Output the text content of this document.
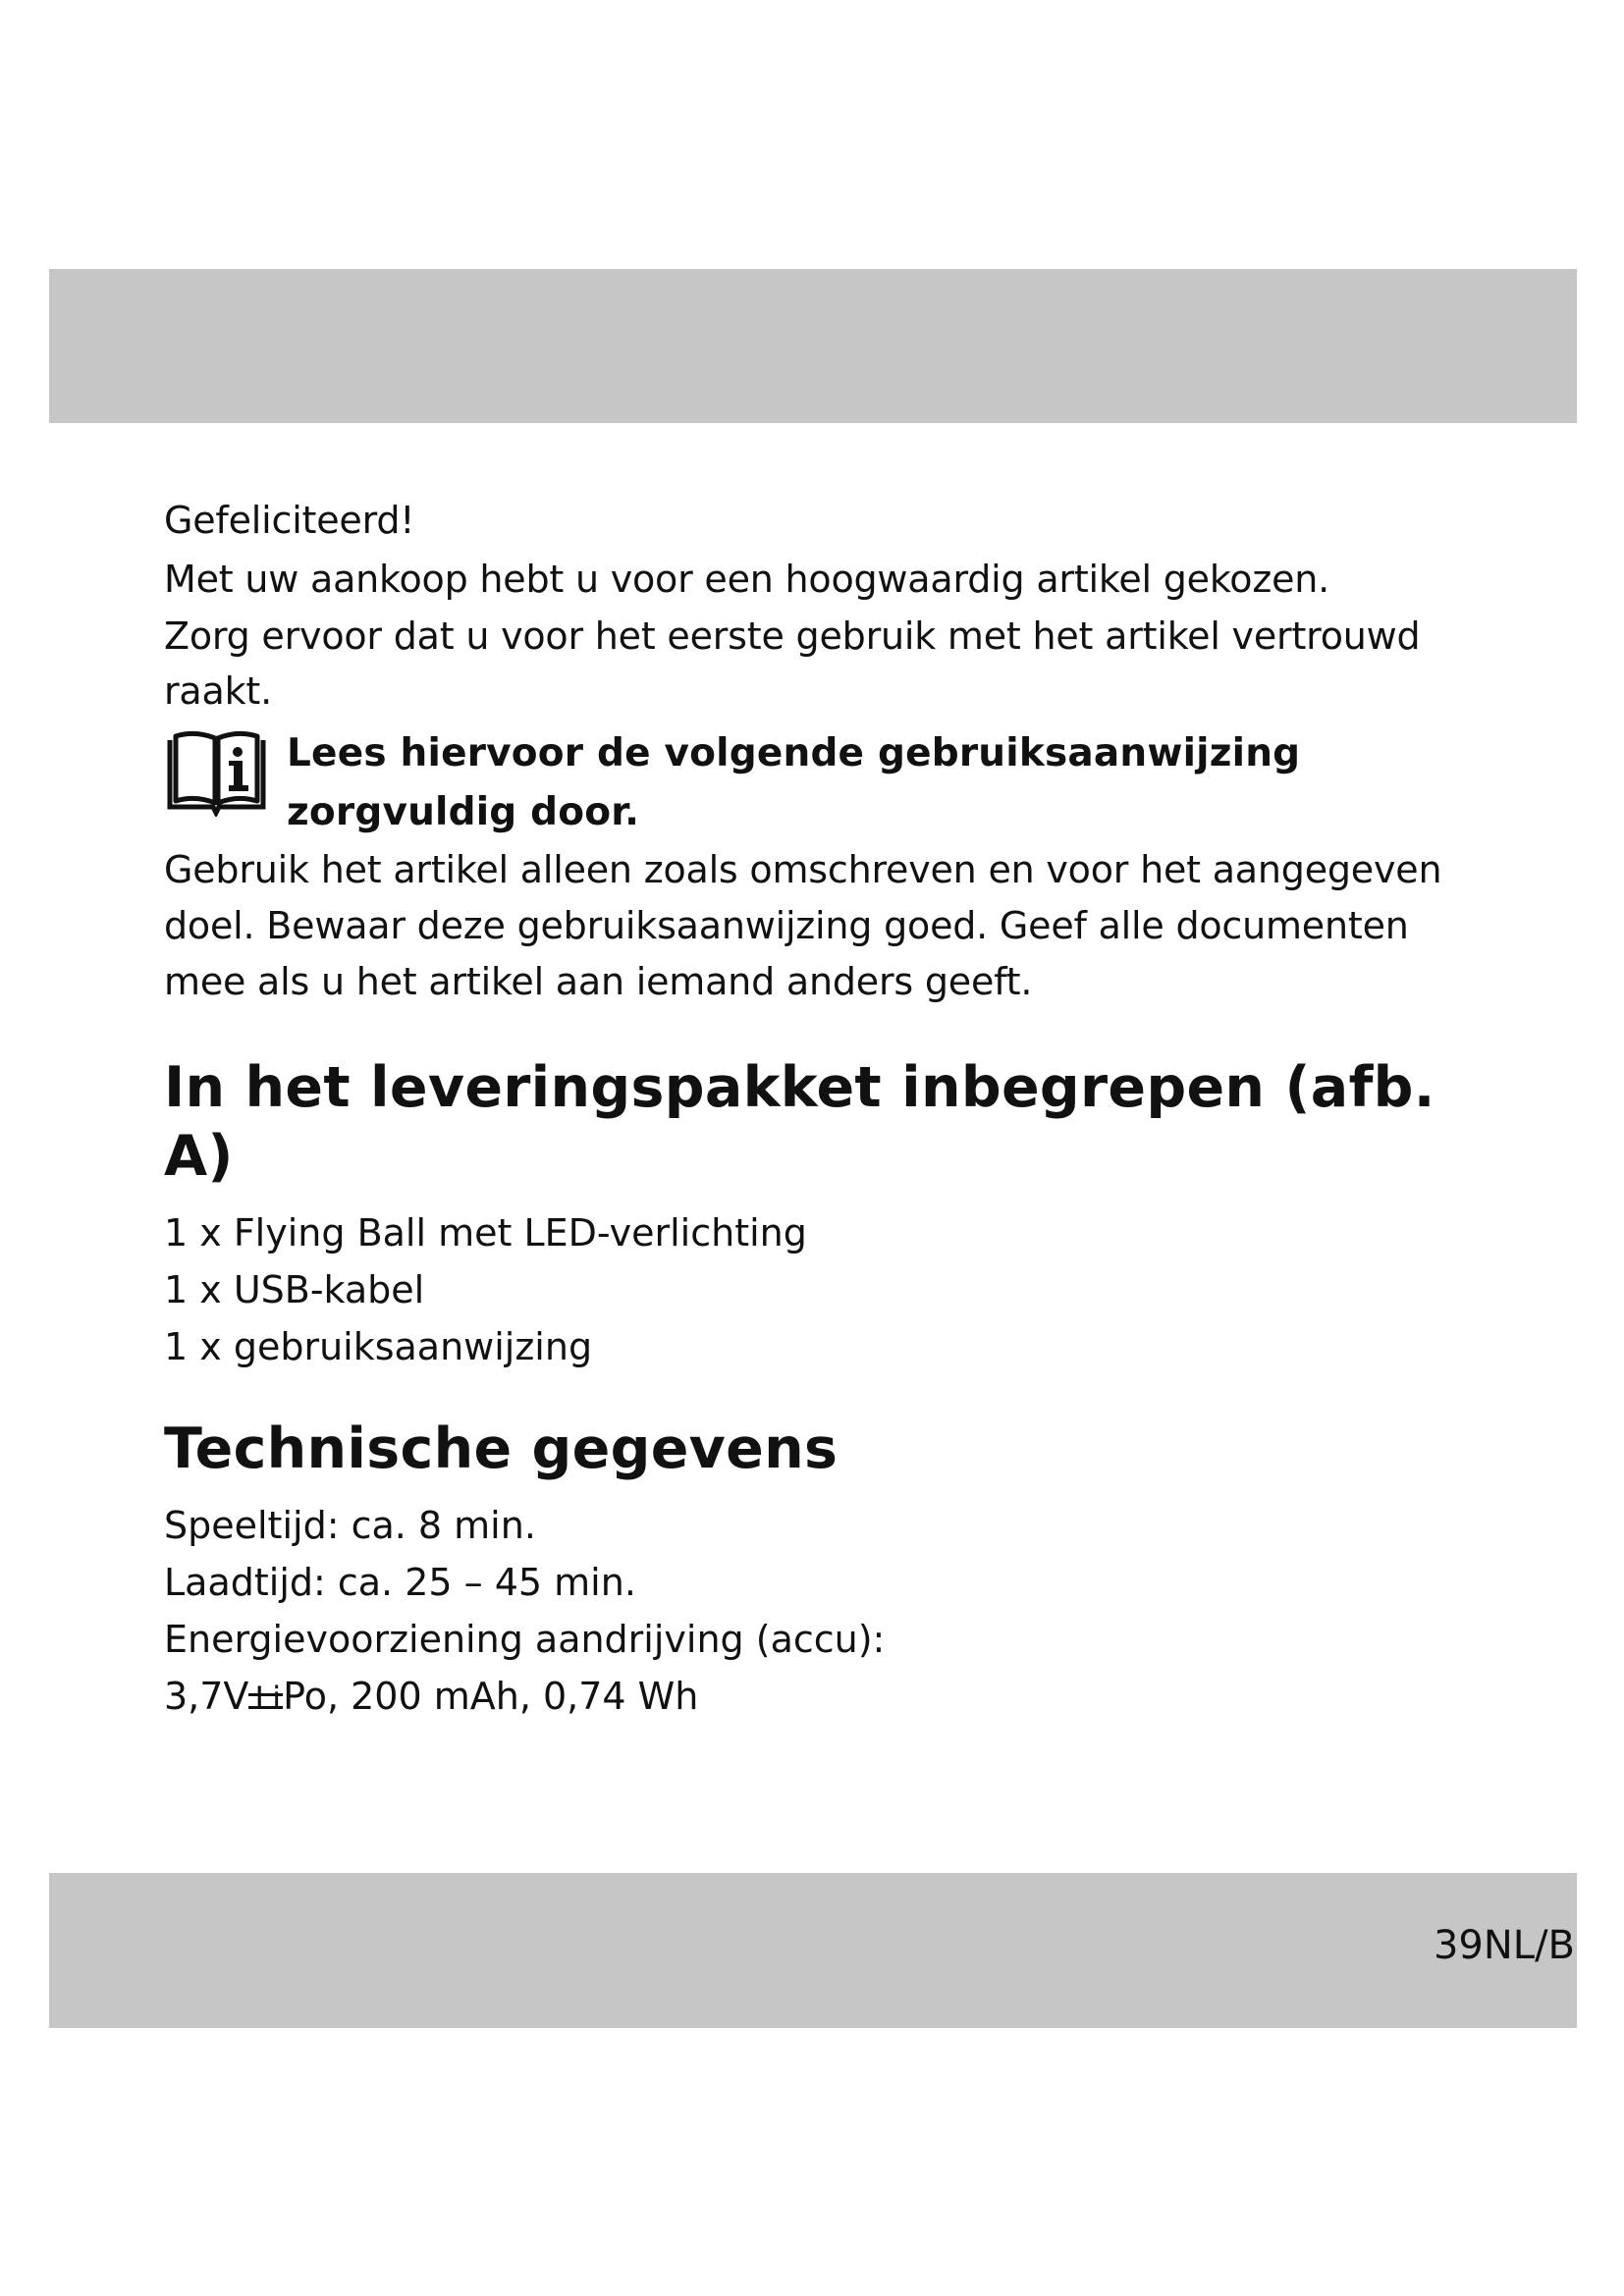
Gefeliciteerd!

Met uw aankoop hebt u voor een hoogwaardig artikel gekozen.

Zorg ervoor dat u voor het eerste gebruik met het artikel vertrouwd raakt.

Lees hiervoor de volgende gebruiksaanwijzing zorgvuldig door.

Gebruik het artikel alleen zoals omschreven en voor het aangegeven doel. Bewaar deze gebruiksaanwijzing goed. Geef alle documenten mee als u het artikel aan iemand anders geeft.

In het leveringspakket inbegrepen (afb. A)

1 x Flying Ball met LED-verlichting

1 x USB-kabel

1 x gebruiksaanwijzing

Technische gegevens

Speeltijd: ca. 8 min.

Laadtijd: ca. 25 – 45 min.

Energievoorziening aandrijving (accu):

3,7V LiPo, 200 mAh, 0,74 Wh

39NL/B
